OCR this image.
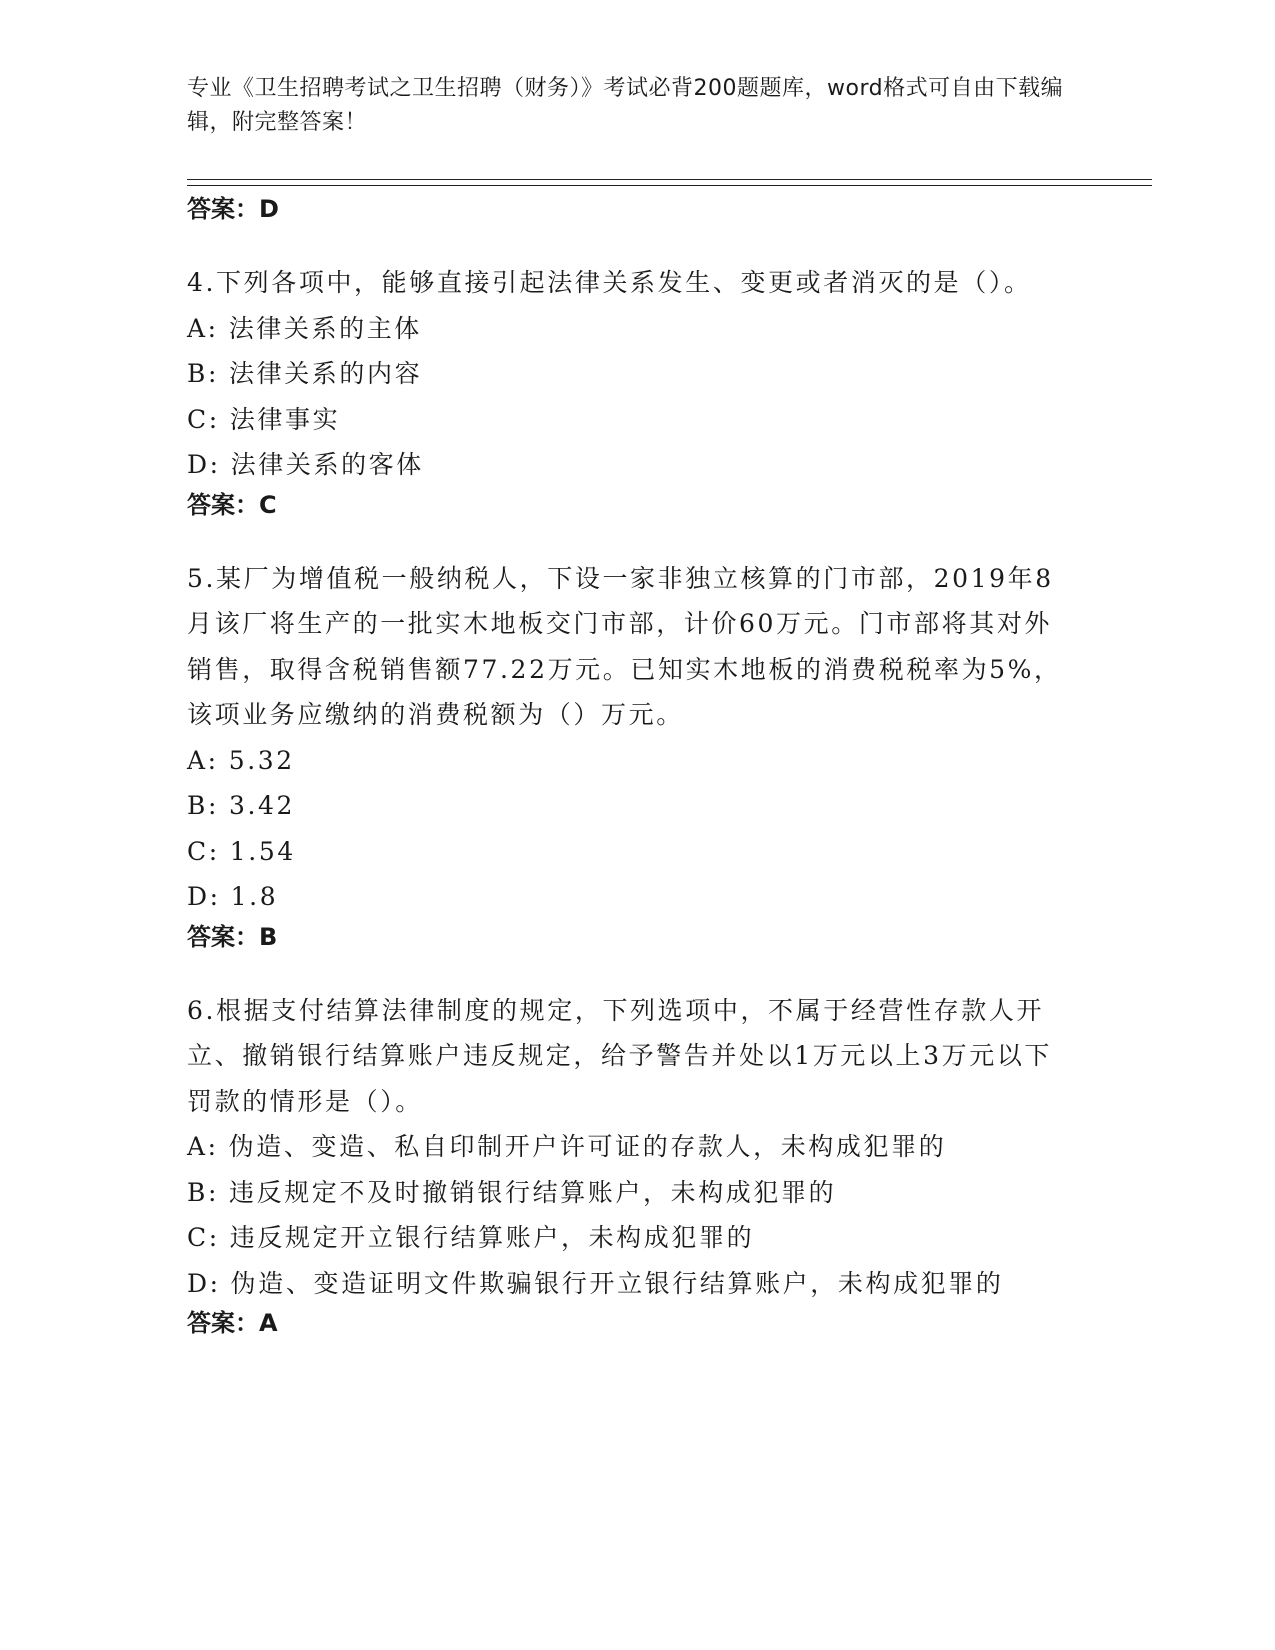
专业《卫生招聘考试之卫生招聘（财务）》考试必背200题题库，word格式可自由下载编辑，附完整答案！

答案：D

4.下列各项中，能够直接引起法律关系发生、变更或者消灭的是（）。

A: 法律关系的主体

B: 法律关系的内容

C: 法律事实

D: 法律关系的客体

答案：C

5.某厂为增值税一般纳税人，下设一家非独立核算的门市部，2019年8月该厂将生产的一批实木地板交门市部，计价60万元。门市部将其对外销售，取得含税销售额77.22万元。已知实木地板的消费税税率为5%，该项业务应缴纳的消费税额为（）万元。

A: 5.32

B: 3.42

C: 1.54

D: 1.8

答案：B

6.根据支付结算法律制度的规定，下列选项中，不属于经营性存款人开立、撤销银行结算账户违反规定，给予警告并处以1万元以上3万元以下罚款的情形是（）。

A: 伪造、变造、私自印制开户许可证的存款人，未构成犯罪的

B: 违反规定不及时撤销银行结算账户，未构成犯罪的

C: 违反规定开立银行结算账户，未构成犯罪的

D: 伪造、变造证明文件欺骗银行开立银行结算账户，未构成犯罪的

答案：A
